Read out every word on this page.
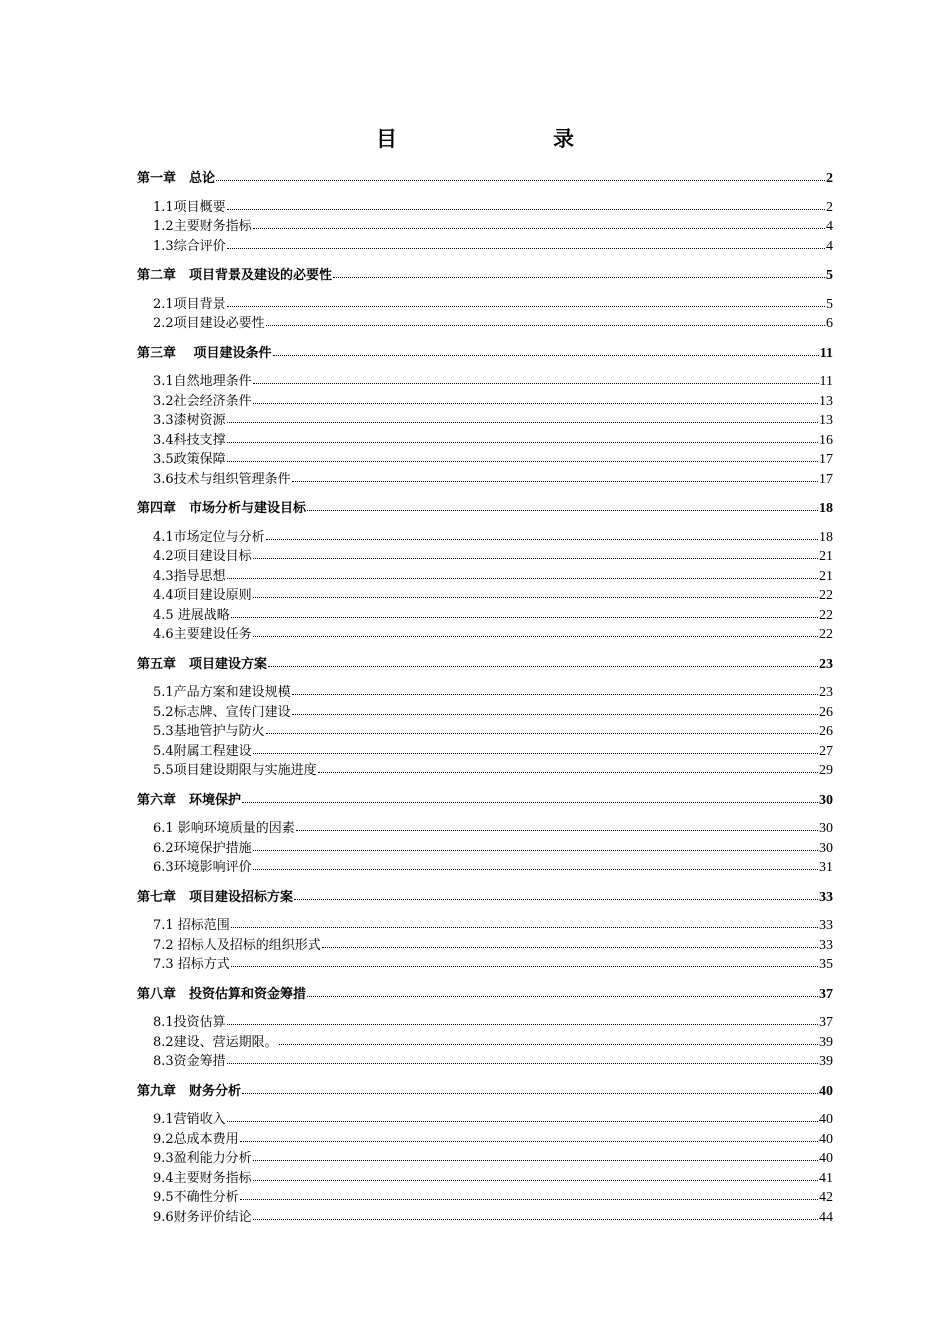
目　　录
第一章　总论	2
1.1项目概要	2
1.2主要财务指标	4
1.3综合评价	4
第二章　项目背景及建设的必要性	5
2.1项目背景	5
2.2项目建设必要性	6
第三章　 项目建设条件	11
3.1自然地理条件	11
3.2社会经济条件	13
3.3漆树资源	13
3.4科技支撑	16
3.5政策保障	17
3.6技术与组织管理条件	17
第四章　市场分析与建设目标	18
4.1市场定位与分析	18
4.2项目建设目标	21
4.3指导思想	21
4.4项目建设原则	22
4.5 进展战略	22
4.6主要建设任务	22
第五章　项目建设方案	23
5.1产品方案和建设规模	23
5.2标志牌、宣传门建设	26
5.3基地管护与防火	26
5.4附属工程建设	27
5.5项目建设期限与实施进度	29
第六章　环境保护	30
6.1 影响环境质量的因素	30
6.2环境保护措施	30
6.3环境影响评价	31
第七章　项目建设招标方案	33
7.1 招标范围	33
7.2 招标人及招标的组织形式	33
7.3 招标方式	35
第八章　投资估算和资金筹措	37
8.1投资估算	37
8.2建设、营运期限。	39
8.3资金筹措	39
第九章　财务分析	40
9.1营销收入	40
9.2总成本费用	40
9.3盈利能力分析	40
9.4主要财务指标	41
9.5不确性分析	42
9.6财务评价结论	44
